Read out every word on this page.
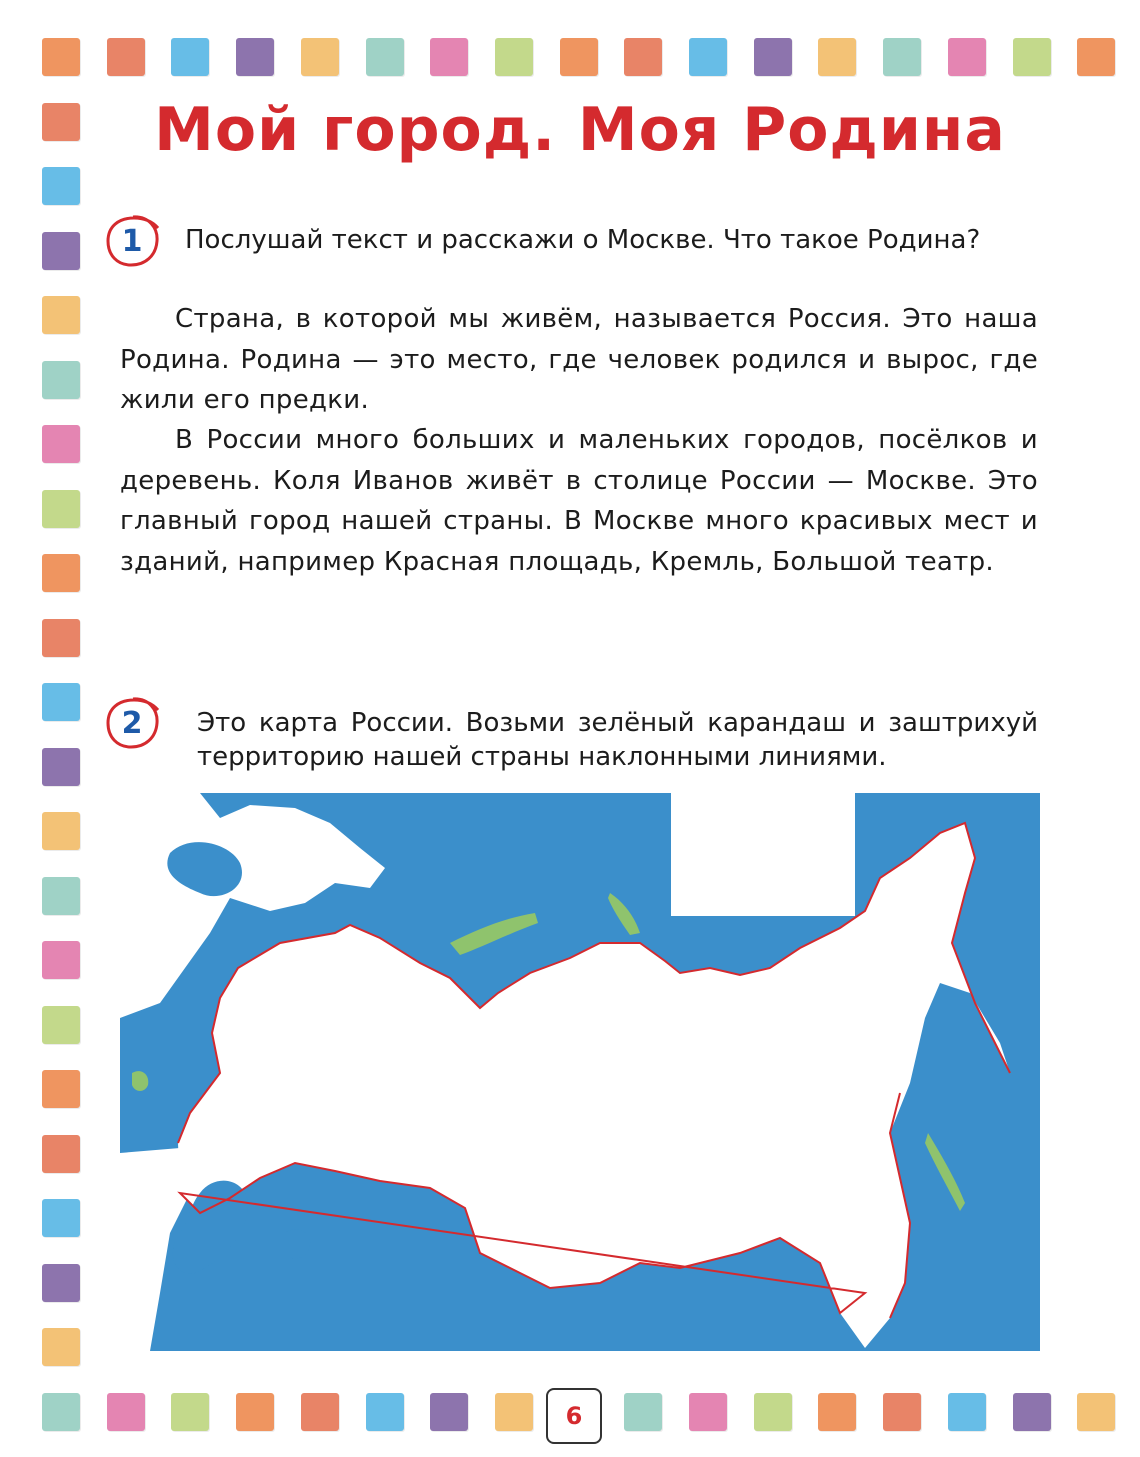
Мой город. Моя Родина
1 Послушай текст и расскажи о Москве. Что такое Родина?

Страна, в которой мы живём, называется Россия. Это наша Родина. Родина — это место, где человек родился и вырос, где жили его предки.

В России много больших и маленьких городов, посёлков и деревень. Коля Иванов живёт в столице России — Москве. Это главный город нашей страны. В Москве много красивых мест и зданий, например Красная площадь, Кремль, Большой театр.

2 Это карта России. Возьми зелёный карандаш и заштрихуй территорию нашей страны наклонными линиями.

6
